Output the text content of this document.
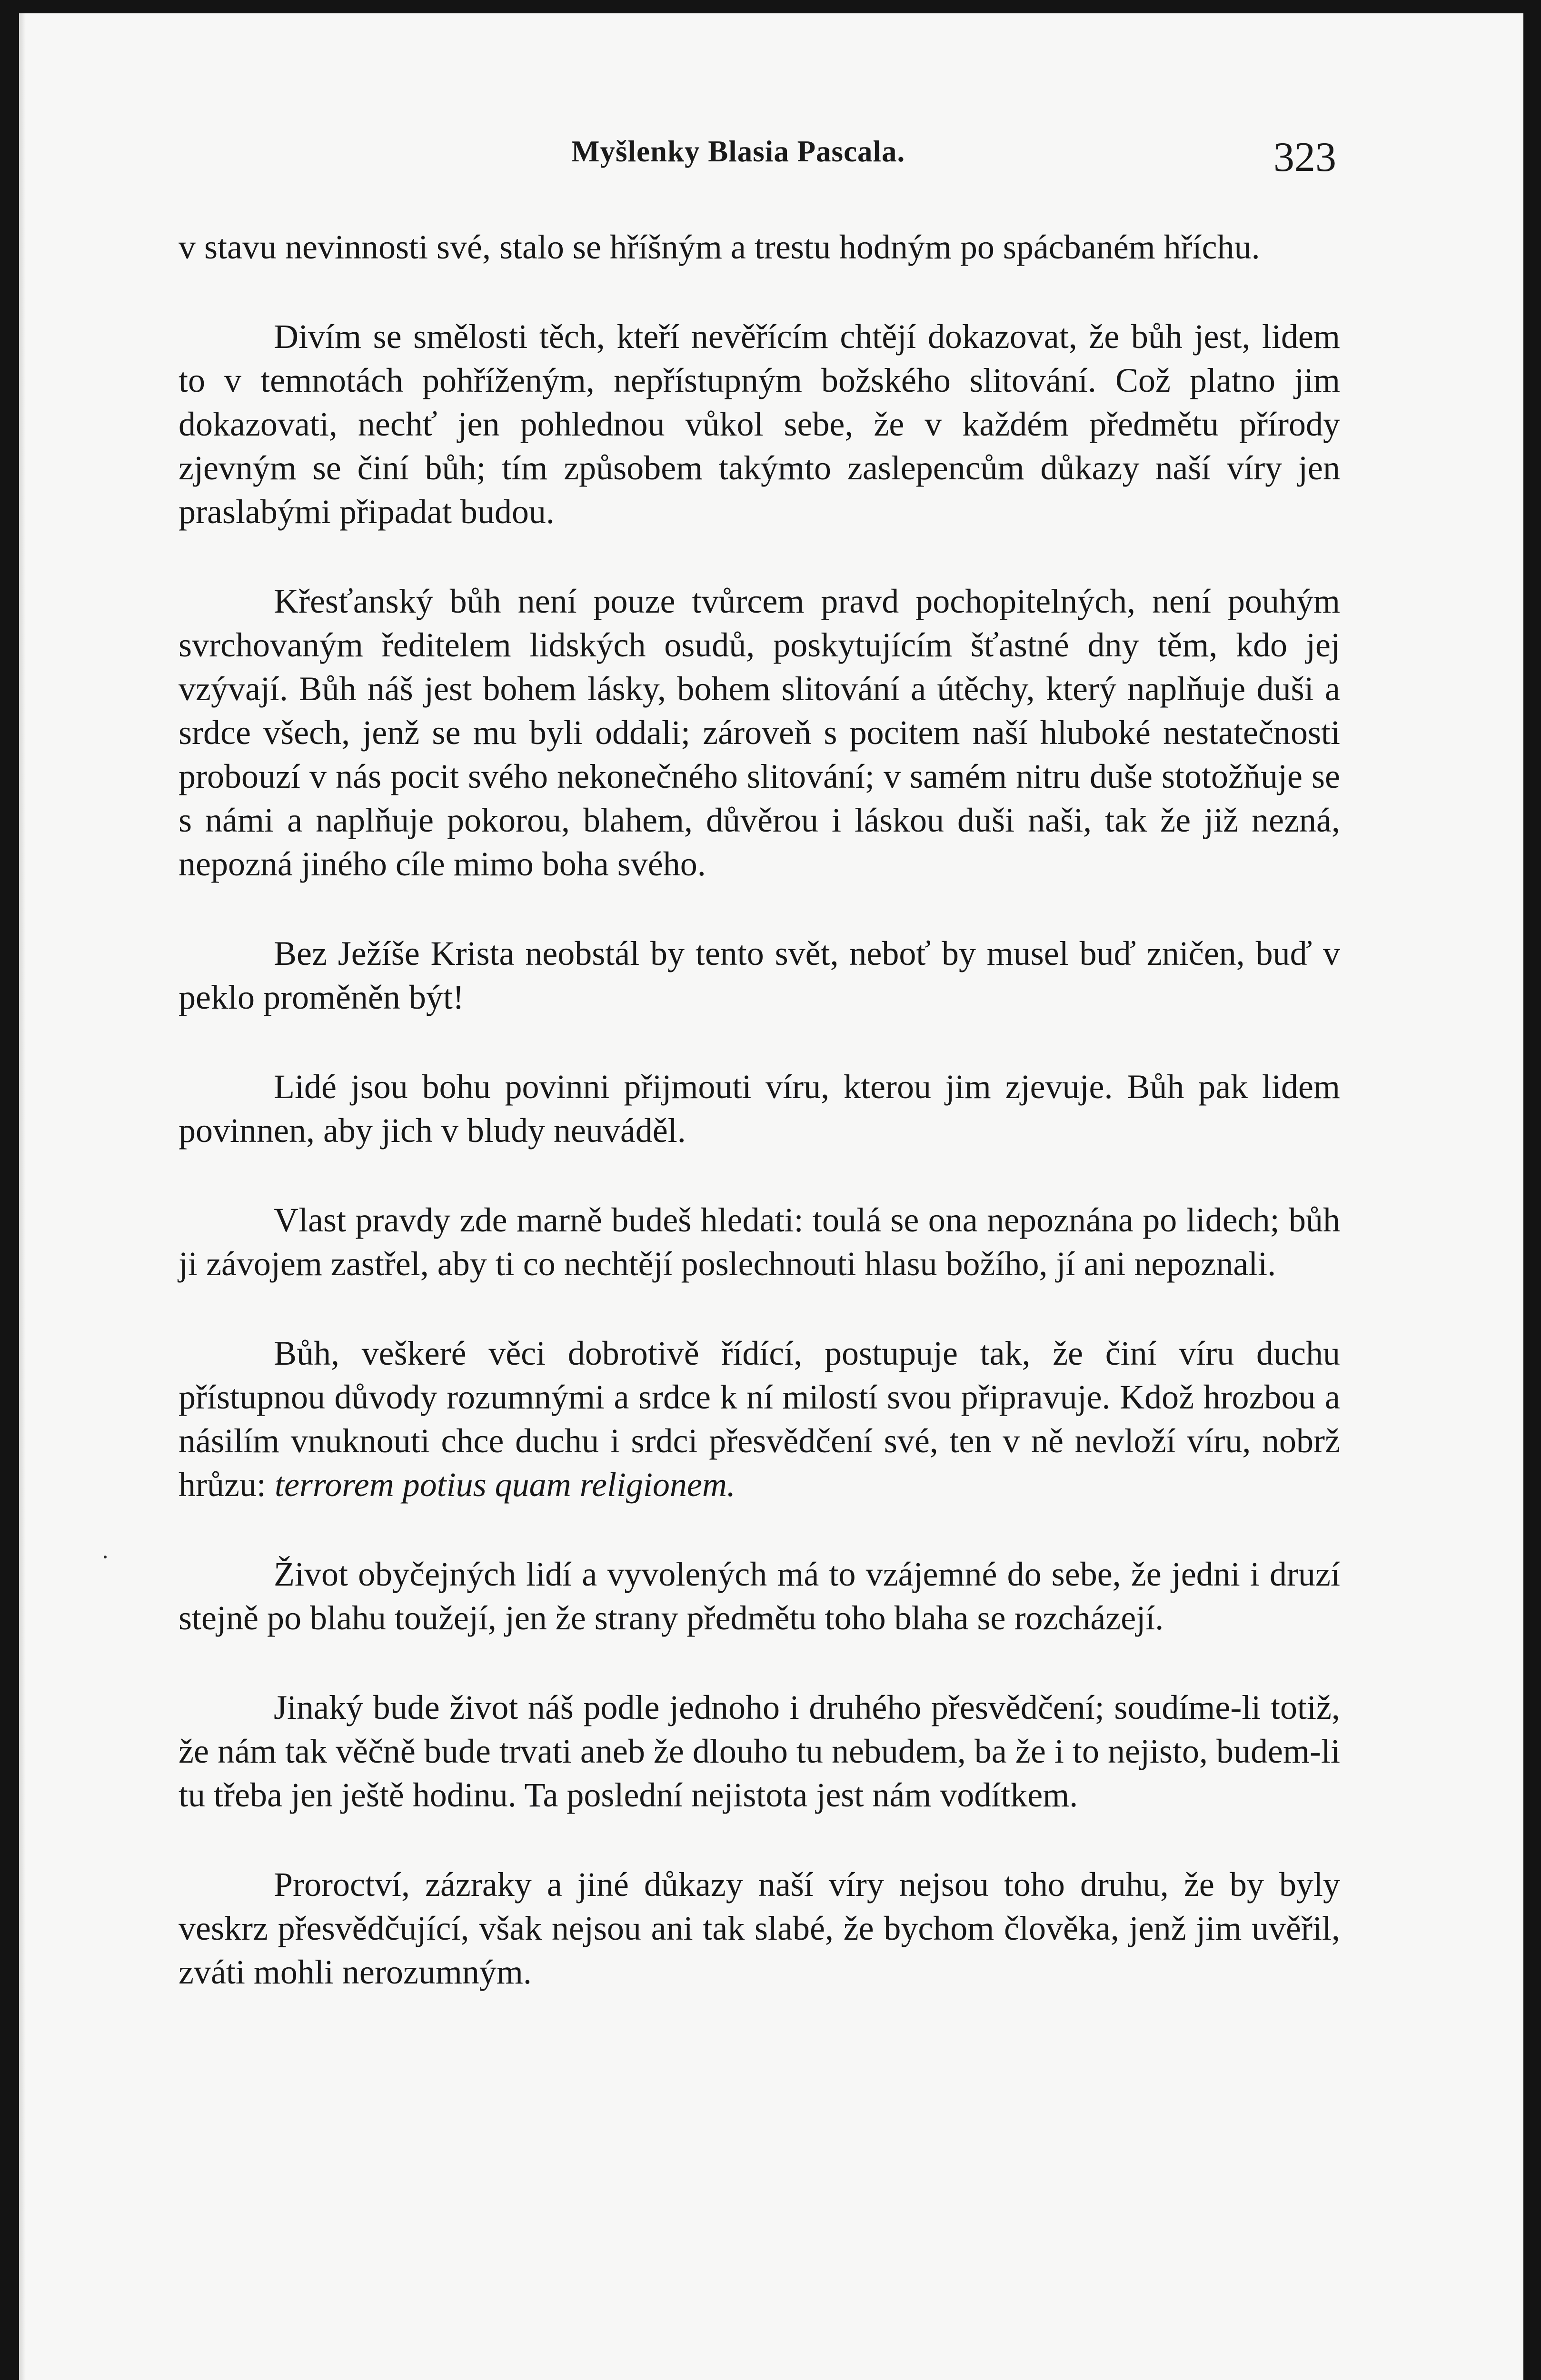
Myšlenky Blasia Pascala.	323

v stavu nevinnosti své, stalo se hříšným a trestu hodným po spácbaném hříchu.

Divím se smělosti těch, kteří nevěřícím chtějí dokazovat, že bůh jest, lidem to v temnotách pohříženým, nepřístupným božského slitování. Což platno jim dokazovati, nechť jen pohlednou vůkol sebe, že v každém předmětu přírody zjevným se činí bůh; tím způsobem takýmto zaslepencům důkazy naší víry jen praslabými připadat budou.

Křesťanský bůh není pouze tvůrcem pravd pochopitelných, není pouhým svrchovaným ředitelem lidských osudů, poskytujícím šťastné dny těm, kdo jej vzývají. Bůh náš jest bohem lásky, bohem slitování a útěchy, který naplňuje duši a srdce všech, jenž se mu byli oddali; zároveň s pocitem naší hluboké nestatečnosti probouzí v nás pocit svého nekonečného slitování; v samém nitru duše stotožňuje se s námi a naplňuje pokorou, blahem, důvěrou i láskou duši naši, tak že již nezná, nepozná jiného cíle mimo boha svého.

Bez Ježíše Krista neobstál by tento svět, neboť by musel buď zničen, buď v peklo proměněn být!

Lidé jsou bohu povinni přijmouti víru, kterou jim zjevuje. Bůh pak lidem povinnen, aby jich v bludy neuváděl.

Vlast pravdy zde marně budeš hledati: toulá se ona nepoznána po lidech; bůh ji závojem zastřel, aby ti co nechtějí poslechnouti hlasu božího, jí ani nepoznali.

Bůh, veškeré věci dobrotivě řídící, postupuje tak, že činí víru duchu přístupnou důvody rozumnými a srdce k ní milostí svou připravuje. Kdož hrozbou a násilím vnuknouti chce duchu i srdci přesvědčení své, ten v ně nevloží víru, nobrž hrůzu: terrorem potius quam religionem.

Život obyčejných lidí a vyvolených má to vzájemné do sebe, že jedni i druzí stejně po blahu toužejí, jen že strany předmětu toho blaha se rozcházejí.

Jinaký bude život náš podle jednoho i druhého přesvědčení; soudíme-li totiž, že nám tak věčně bude trvati aneb že dlouho tu nebudem, ba že i to nejisto, budem-li tu třeba jen ještě hodinu. Ta poslední nejistota jest nám vodítkem.

Proroctví, zázraky a jiné důkazy naší víry nejsou toho druhu, že by byly veskrz přesvědčující, však nejsou ani tak slabé, že bychom člověka, jenž jim uvěřil, zváti mohli nerozumným.
